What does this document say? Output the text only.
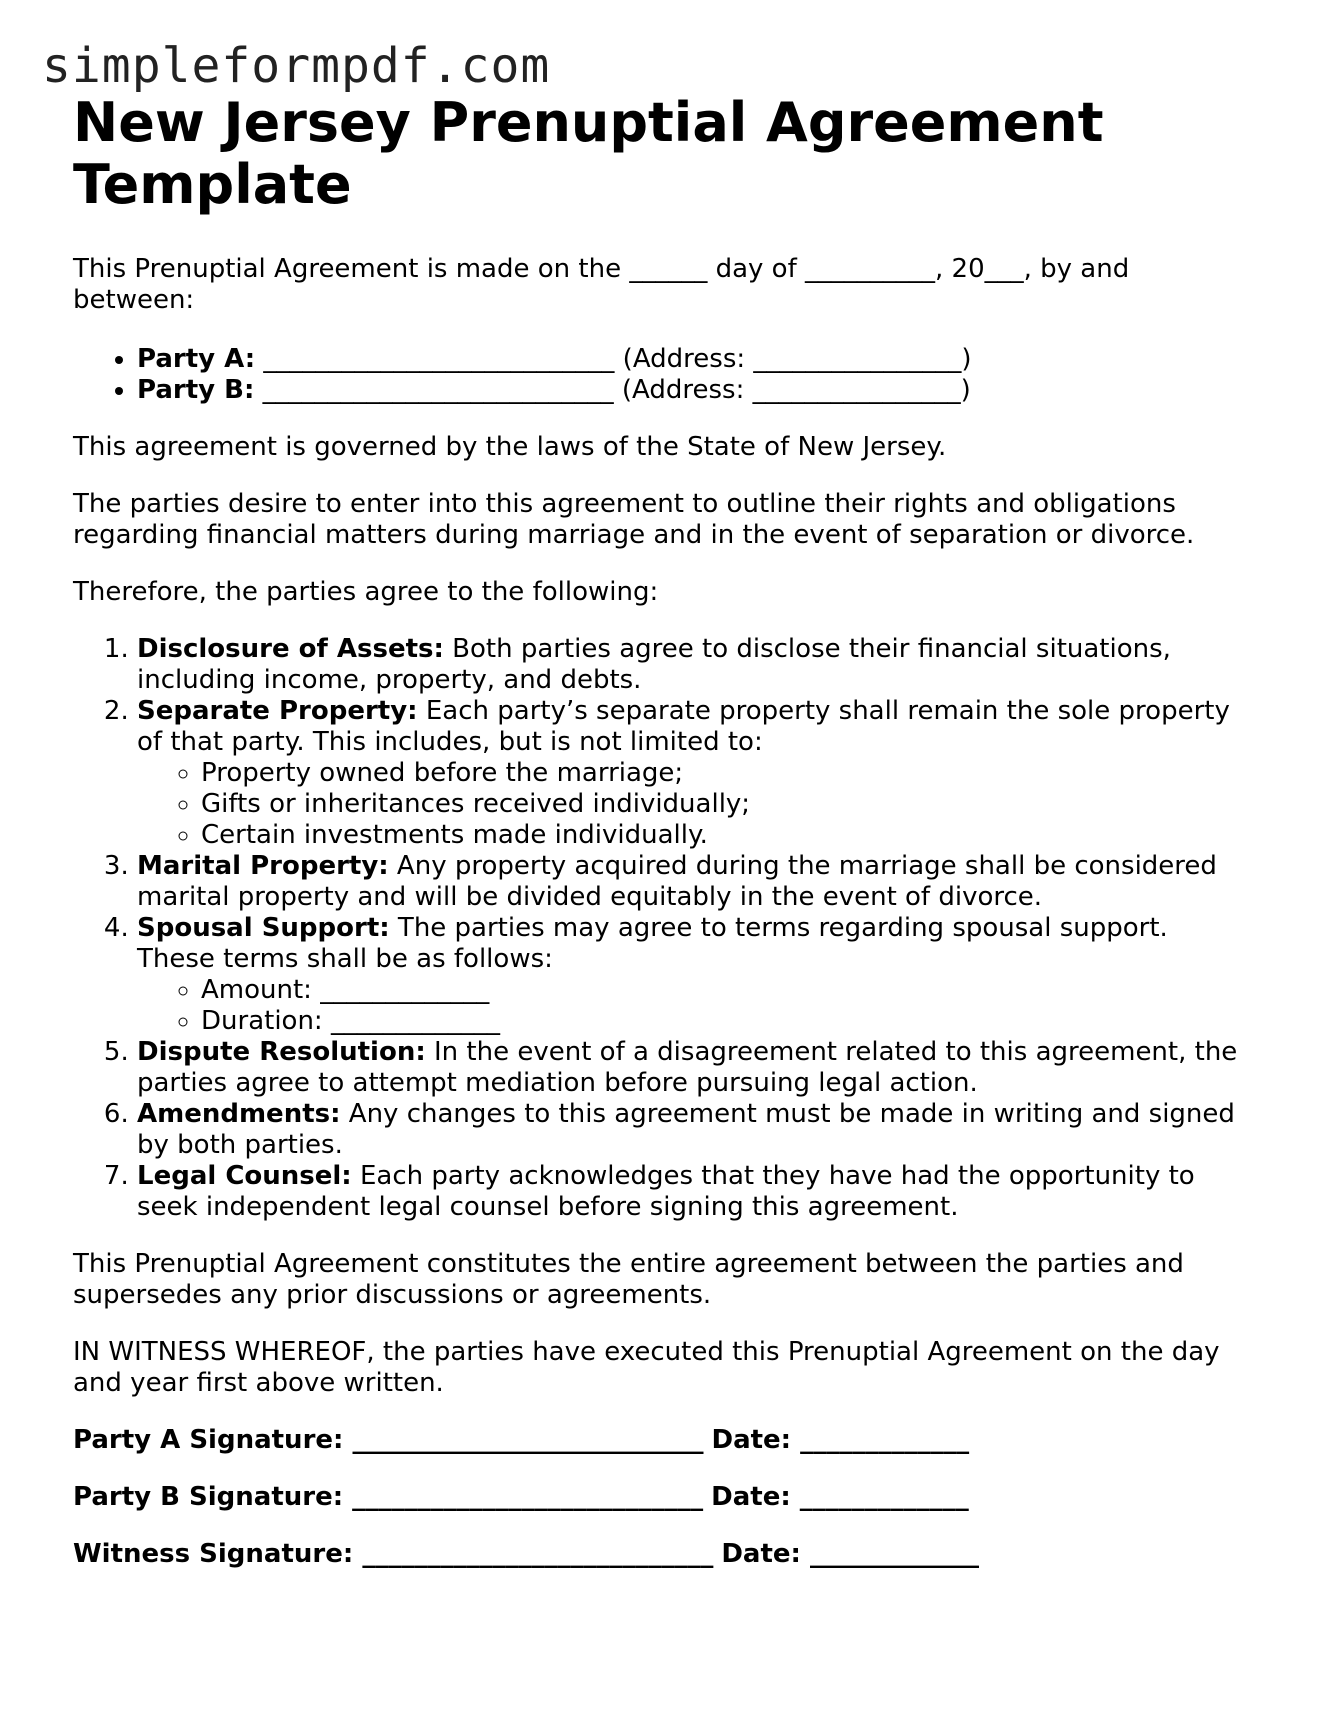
simpleformpdf.com
New Jersey Prenuptial Agreement Template

This Prenuptial Agreement is made on the ______ day of __________, 20___, by and between:

• Party A: ___________________________ (Address: ________________)
• Party B: ___________________________ (Address: ________________)

This agreement is governed by the laws of the State of New Jersey.

The parties desire to enter into this agreement to outline their rights and obligations regarding financial matters during marriage and in the event of separation or divorce.

Therefore, the parties agree to the following:

1. Disclosure of Assets: Both parties agree to disclose their financial situations, including income, property, and debts.
2. Separate Property: Each party’s separate property shall remain the sole property of that party. This includes, but is not limited to:
◦ Property owned before the marriage;
◦ Gifts or inheritances received individually;
◦ Certain investments made individually.
3. Marital Property: Any property acquired during the marriage shall be considered marital property and will be divided equitably in the event of divorce.
4. Spousal Support: The parties may agree to terms regarding spousal support. These terms shall be as follows:
◦ Amount: _____________
◦ Duration: _____________
5. Dispute Resolution: In the event of a disagreement related to this agreement, the parties agree to attempt mediation before pursuing legal action.
6. Amendments: Any changes to this agreement must be made in writing and signed by both parties.
7. Legal Counsel: Each party acknowledges that they have had the opportunity to seek independent legal counsel before signing this agreement.

This Prenuptial Agreement constitutes the entire agreement between the parties and supersedes any prior discussions or agreements.

IN WITNESS WHEREOF, the parties have executed this Prenuptial Agreement on the day and year first above written.

Party A Signature: ___________________________ Date: _____________
Party B Signature: ___________________________ Date: _____________
Witness Signature: ___________________________ Date: _____________
